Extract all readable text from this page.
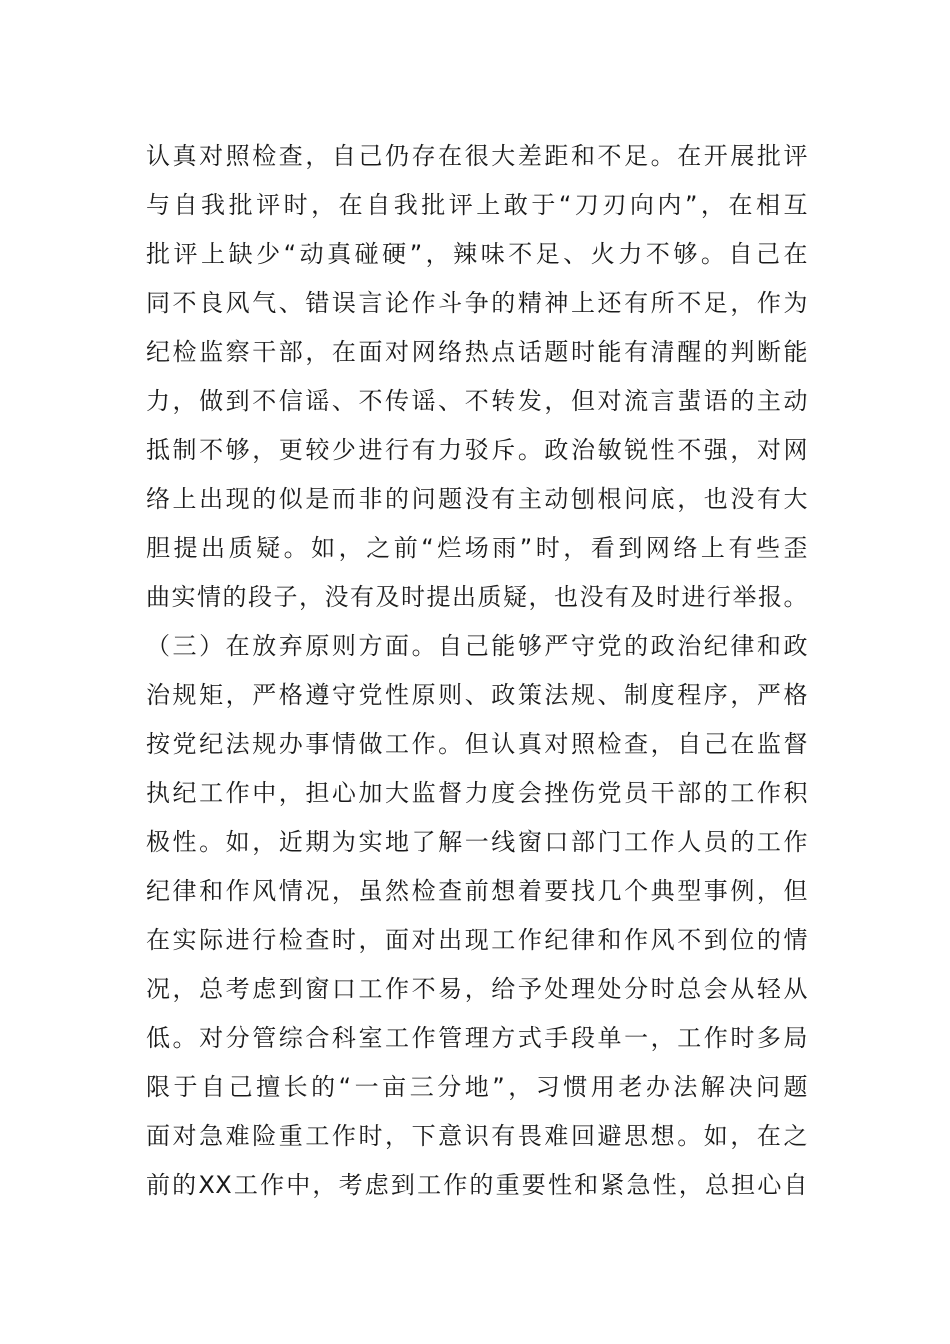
认真对照检查，自己仍存在很大差距和不足。在开展批评
与自我批评时，在自我批评上敢于“刀刃向内”，在相互
批评上缺少“动真碰硬”，辣味不足、火力不够。自己在
同不良风气、错误言论作斗争的精神上还有所不足，作为
纪检监察干部，在面对网络热点话题时能有清醒的判断能
力，做到不信谣、不传谣、不转发，但对流言蜚语的主动
抵制不够，更较少进行有力驳斥。政治敏锐性不强，对网
络上出现的似是而非的问题没有主动刨根问底，也没有大
胆提出质疑。如，之前“烂场雨”时，看到网络上有些歪
曲实情的段子，没有及时提出质疑，也没有及时进行举报。
（三）在放弃原则方面。自己能够严守党的政治纪律和政
治规矩，严格遵守党性原则、政策法规、制度程序，严格
按党纪法规办事情做工作。但认真对照检查，自己在监督
执纪工作中，担心加大监督力度会挫伤党员干部的工作积
极性。如，近期为实地了解一线窗口部门工作人员的工作
纪律和作风情况，虽然检查前想着要找几个典型事例，但
在实际进行检查时，面对出现工作纪律和作风不到位的情
况，总考虑到窗口工作不易，给予处理处分时总会从轻从
低。对分管综合科室工作管理方式手段单一，工作时多局
限于自己擅长的“一亩三分地”，习惯用老办法解决问题
面对急难险重工作时，下意识有畏难回避思想。如，在之
前的XX工作中，考虑到工作的重要性和紧急性，总担心自
